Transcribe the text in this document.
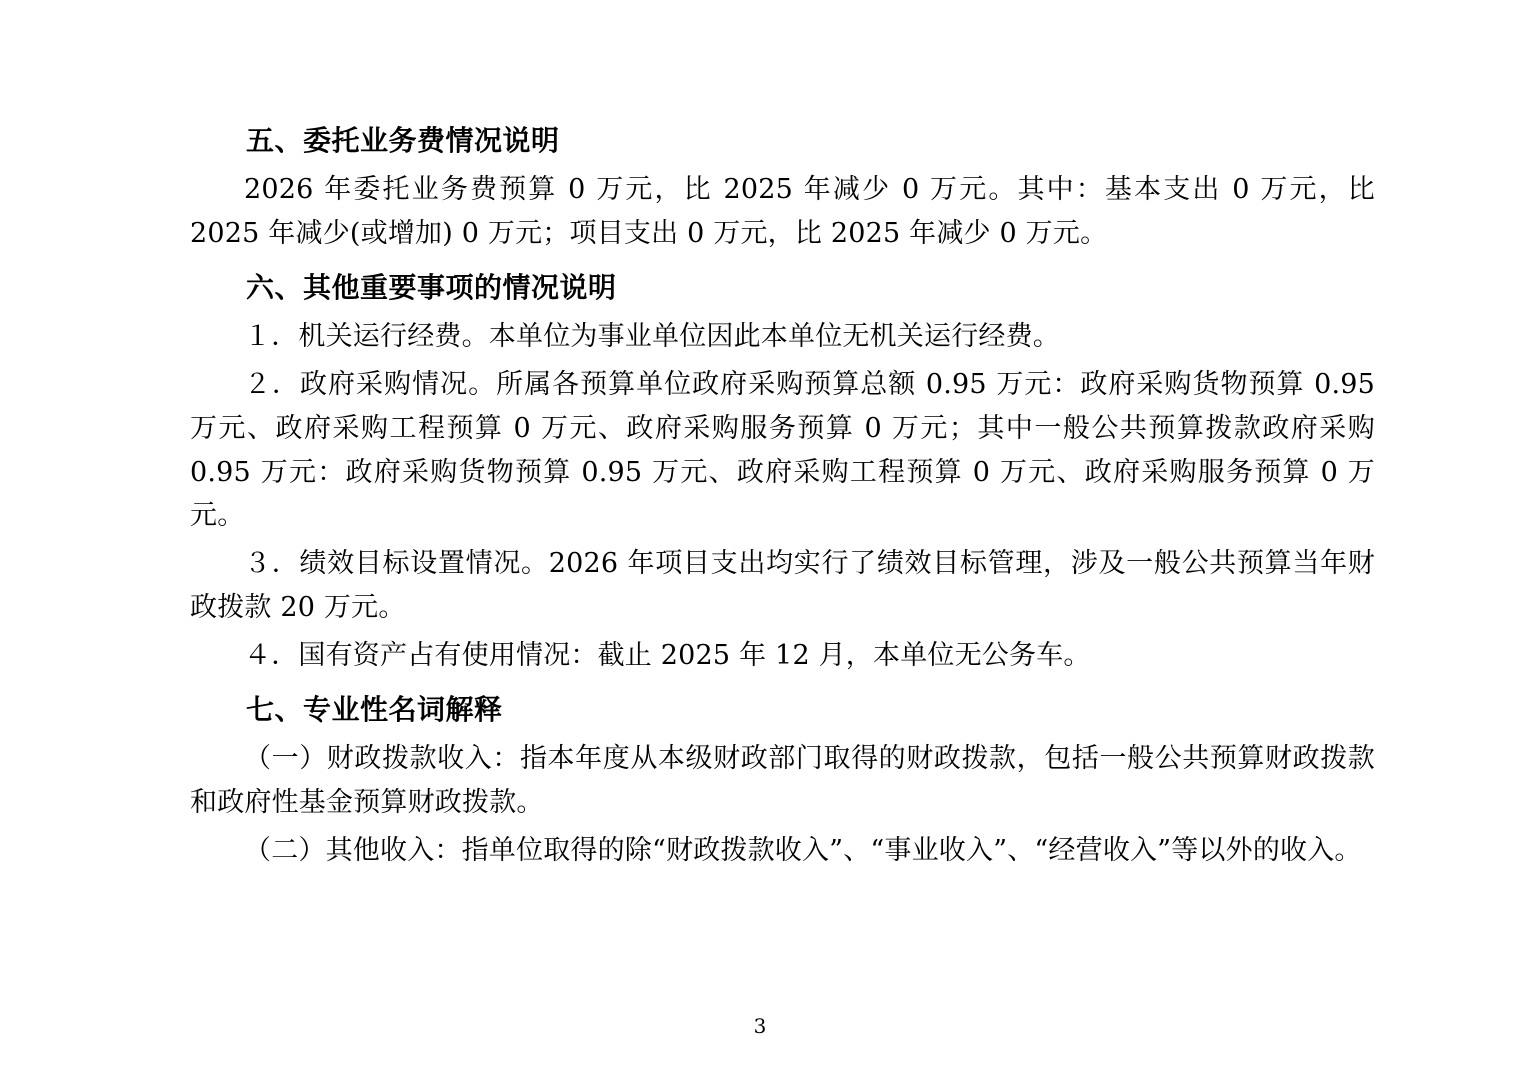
五、委托业务费情况说明

2026 年委托业务费预算 0 万元，比 2025 年减少 0 万元。其中：基本支出 0 万元，比 2025 年减少(或增加) 0 万元；项目支出 0 万元，比 2025 年减少 0 万元。

六、其他重要事项的情况说明

１．机关运行经费。本单位为事业单位因此本单位无机关运行经费。

２．政府采购情况。所属各预算单位政府采购预算总额 0.95 万元：政府采购货物预算 0.95 万元、政府采购工程预算 0 万元、政府采购服务预算 0 万元；其中一般公共预算拨款政府采购 0.95 万元：政府采购货物预算 0.95 万元、政府采购工程预算 0 万元、政府采购服务预算 0 万元。

３．绩效目标设置情况。2026 年项目支出均实行了绩效目标管理，涉及一般公共预算当年财政拨款 20 万元。

４．国有资产占有使用情况：截止 2025 年 12 月，本单位无公务车。

七、专业性名词解释

（一）财政拨款收入：指本年度从本级财政部门取得的财政拨款，包括一般公共预算财政拨款和政府性基金预算财政拨款。

（二）其他收入：指单位取得的除“财政拨款收入”、“事业收入”、“经营收入”等以外的收入。

3
